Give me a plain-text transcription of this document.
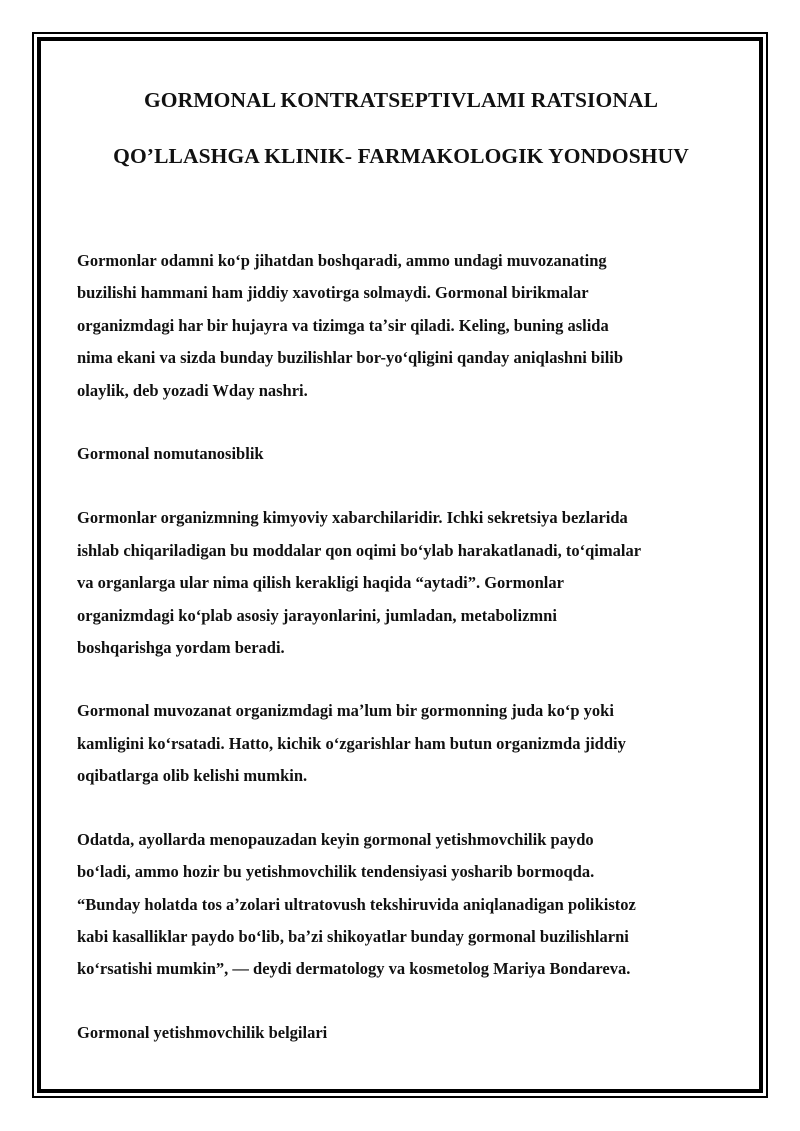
GORMONAL KONTRATSEPTIVLAMI RATSIONAL
QO’LLASHGA KLINIK- FARMAKOLOGIK YONDOSHUV

Gormonlar odamni koʻp jihatdan boshqaradi, ammo undagi muvozanating
buzilishi hammani ham jiddiy xavotirga solmaydi. Gormonal birikmalar
organizmdagi har bir hujayra va tizimga taʼsir qiladi. Keling, buning aslida
nima ekani va sizda bunday buzilishlar bor-yoʻqligini qanday aniqlashni bilib
olaylik, deb yozadi Wday nashri.

Gormonal nomutanosiblik

Gormonlar organizmning kimyoviy xabarchilaridir. Ichki sekretsiya bezlarida
ishlab chiqariladigan bu moddalar qon oqimi boʻylab harakatlanadi, toʻqimalar
va organlarga ular nima qilish kerakligi haqida “aytadi”. Gormonlar
organizmdagi koʻplab asosiy jarayonlarini, jumladan, metabolizmni
boshqarishga yordam beradi.

Gormonal muvozanat organizmdagi maʼlum bir gormonning juda koʻp yoki
kamligini koʻrsatadi. Hatto, kichik oʻzgarishlar ham butun organizmda jiddiy
oqibatlarga olib kelishi mumkin.

Odatda, ayollarda menopauzadan keyin gormonal yetishmovchilik paydo
boʻladi, ammo hozir bu yetishmovchilik tendensiyasi yosharib bormoqda.
“Bunday holatda tos aʼzolari ultratovush tekshiruvida aniqlanadigan polikistoz
kabi kasalliklar paydo boʻlib, baʼzi shikoyatlar bunday gormonal buzilishlarni
koʻrsatishi mumkin”, — deydi dermatology va kosmetolog Mariya Bondareva.

Gormonal yetishmovchilik belgilari
